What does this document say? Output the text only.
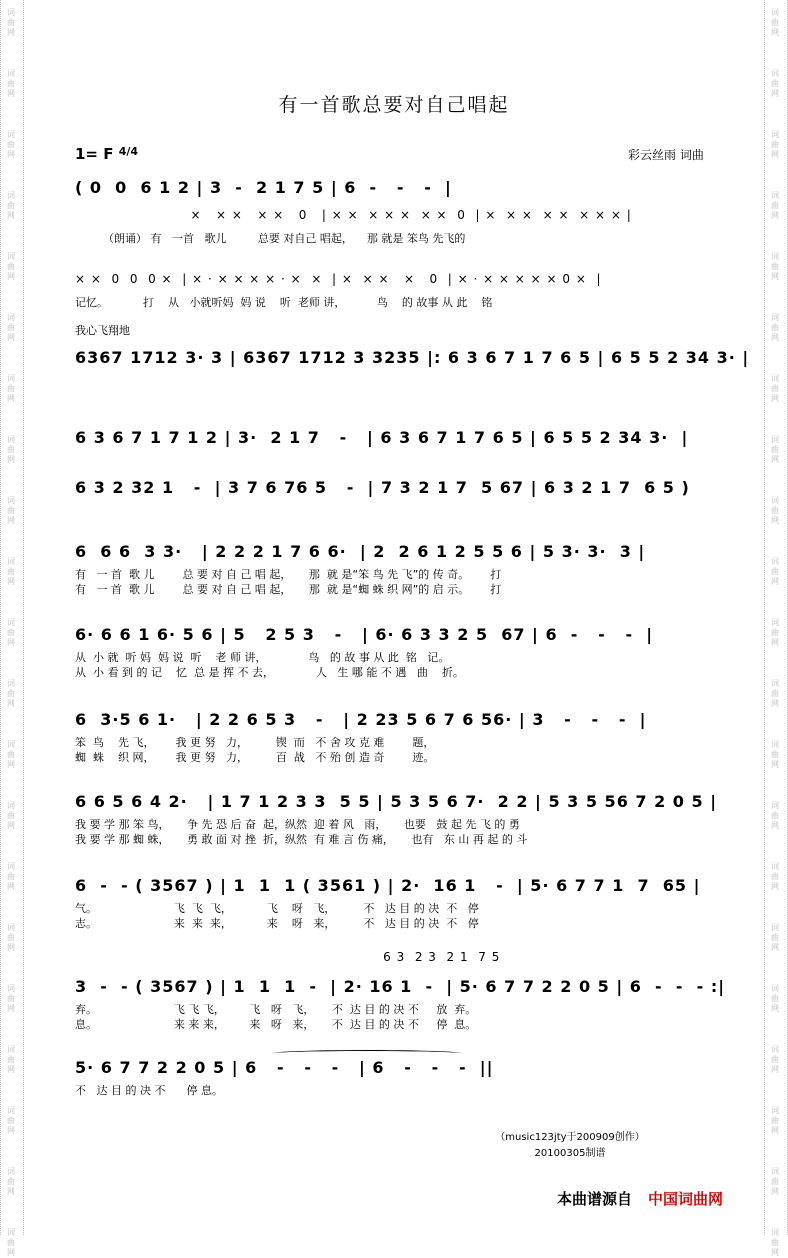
词
曲
网
词
曲
网
词
曲
网
词
曲
网
词
曲
网
词
曲
网
词
曲
网
词
曲
网
词
曲
网
词
曲
网
词
曲
网
词
曲
网
词
曲
网
词
曲
网
词
曲
网
词
曲
网
词
曲
网
词
曲
网
词
曲
网
词
曲
网
词
曲
网
词
曲
网
词
曲
网
词
曲
网
词
曲
网
词
曲
网
词
曲
网
词
曲
网
词
曲
网
词
曲
网
词
曲
网
词
曲
网
词
曲
网
词
曲
网
词
曲
网
词
曲
网
词
曲
网
词
曲
网
词
曲
网
词
曲
网
词
曲
网
词
曲
网
有一首歌总要对自己唱起
1= F $^{4/4}$	彩云丝雨 词曲
( 0  0  6 1 2 | 3  -  2 1 7 5 | 6  -   -   -  |
×   × ×   × ×   0   | × ×  × × ×  × ×  0  | ×  × ×  × ×  × × × |
（朗诵） 有   一首   歌儿         总要 对自己 唱起，    那 就是 笨鸟 先飞的
× ×  0  0  0 ×  | × · × × × × · ×  ×  | ×  × ×   ×   0  | × · × × × × × 0 ×  |
记忆。          打    从   小就听妈  妈 说    听  老师 讲，         鸟    的 故事 从 此    铭
6367 1712 3· 3 | 6367 1712 3 3235 |: 6 3 6 7 1 7 6 5 | 6 5 5 2 34 3· |
我心飞翔地
6 3 6 7 1 7 1 2 | 3·  2 1 7   -   | 6 3 6 7 1 7 6 5 | 6 5 5 2 34 3·  |
6 3 2 32 1   -  | 3 7 6 76 5   -  | 7 3 2 1 7  5 67 | 6 3 2 1 7  6 5 )
6  6 6  3 3·   | 2 2 2 1 7 6 6·  | 2  2 6 1 2 5 5 6 | 5 3· 3·  3 |
有   一 首  歌 儿        总 要 对 自 己 唱 起，     那  就 是“笨 鸟 先 飞”的 传 奇。      打
有   一 首  歌 儿        总 要 对 自 己 唱 起，     那  就 是“蜘 蛛 织 网”的 启 示。      打
6· 6 6 1 6· 5 6 | 5   2 5 3   -   | 6· 6 3 3 2 5  67 | 6  -   -   -  |
从  小 就  听 妈  妈 说  听    老 师 讲，            鸟   的 故 事 从 此  铭   记。
从  小 看 到 的 记    忆  总 是 挥 不 去，            人   生 哪 能 不 遇   曲    折。
6  3·5 6 1·   | 2 2 6 5 3   -   | 2 23 5 6 7 6 56· | 3   -   -   -  |
笨  鸟    先 飞，      我 更 努   力，        锲  而   不 舍 攻 克 难        题，
蜘  蛛    织 网，      我 更 努   力，        百  战   不 殆 创 造 奇        迹。
6 6 5 6 4 2·   | 1 7 1 2 3 3  5 5 | 5 3 5 6 7·  2 2 | 5 3 5 56 7 2 0 5 |
我 要 学 那 笨 鸟，     争 先 恐 后 奋  起，纵然  迎 着 风   雨，     也要   鼓 起 先 飞 的 勇
我 要 学 那 蜘 蛛，     勇 敢 面 对 挫  折，纵然  有 难 言 伤 痛，     也有   东 山 再 起 的 斗
6  -  - ( 3567 ) | 1  1  1 ( 3561 ) | 2·  16 1   -  | 5· 6 7 7 1  7  65 |
气。                      飞  飞  飞，          飞    呀   飞，        不   达 目 的 决  不   停
志。                      来  来  来，          来    呀   来，        不   达 目 的 决  不   停
6 3  2 3  2 1  7 5
3  -  - ( 3567 ) | 1  1  1  -  | 2· 16 1  -  | 5· 6 7 7 2 2 0 5 | 6  -  -  - :|
弃。                      飞 飞 飞，       飞   呀   飞，     不  达 目 的 决 不     放  弃。
息。                      来 来 来，       来   呀   来，     不  达 目 的 决 不     停  息。
5· 6 7 7 2 2 0 5 | 6   -   -   -   | 6   -   -   -  ||
不   达 目 的 决 不      停 息。
（music123jty于200909创作）
20100305制谱
本曲谱源自 中国词曲网
